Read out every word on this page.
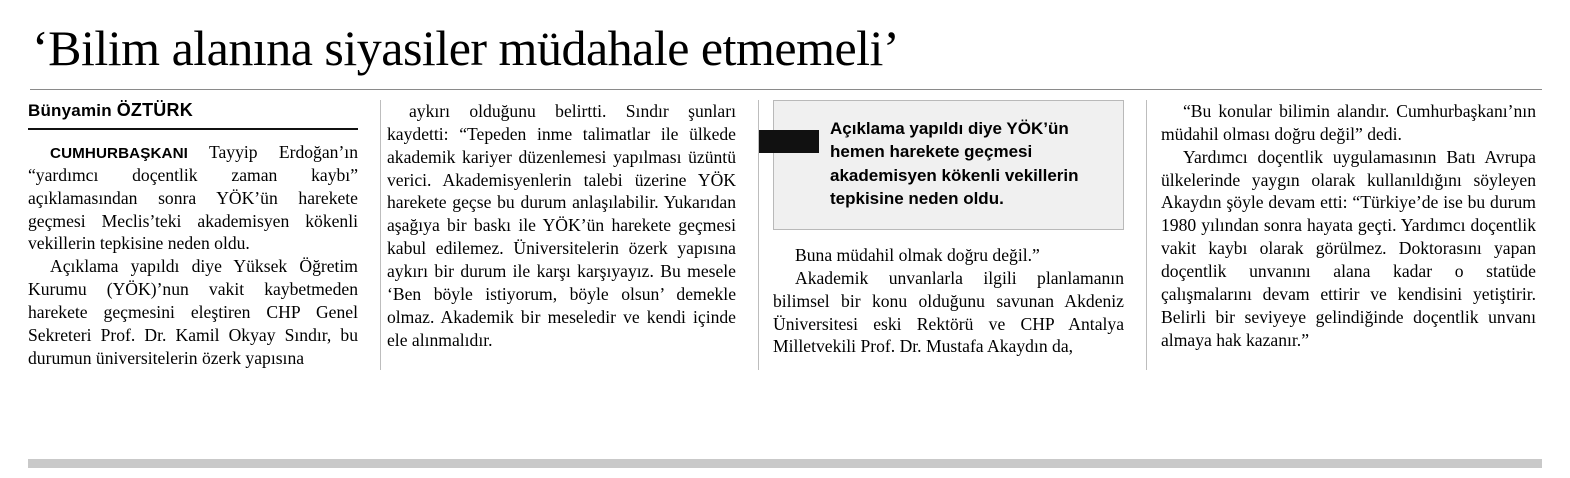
‘Bilim alanına siyasiler müdahale etmemeli’
Bünyamin ÖZTÜRK

CUMHURBAŞKANI Tayyip Erdoğan’ın “yardımcı doçentlik zaman kaybı” açıklamasından sonra YÖK’ün harekete geçmesi Meclis’teki akademisyen kökenli vekillerin tepkisine neden oldu.

Açıklama yapıldı diye Yüksek Öğretim Kurumu (YÖK)’nun vakit kaybetmeden harekete geçmesini eleştiren CHP Genel Sekreteri Prof. Dr. Kamil Okyay Sındır, bu durumun üniversitelerin özerk yapısına

aykırı olduğunu belirtti. Sındır şunları kaydetti: “Tepeden inme talimatlar ile ülkede akademik kariyer düzenlemesi yapılması üzüntü verici. Akademisyenlerin talebi üzerine YÖK harekete geçse bu durum anlaşılabilir. Yukarıdan aşağıya bir baskı ile YÖK’ün harekete geçmesi kabul edilemez. Üniversitelerin özerk yapısına aykırı bir durum ile karşı karşıyayız. Bu mesele ‘Ben böyle istiyorum, böyle olsun’ demekle olmaz. Akademik bir meseledir ve kendi içinde ele alınmalıdır.

Açıklama yapıldı diye YÖK’ün hemen harekete geçmesi akademisyen kökenli vekillerin tepkisine neden oldu.

Buna müdahil olmak doğru değil.”

Akademik unvanlarla ilgili planlamanın bilimsel bir konu olduğunu savunan Akdeniz Üniversitesi eski Rektörü ve CHP Antalya Milletvekili Prof. Dr. Mustafa Akaydın da,

“Bu konular bilimin alandır. Cumhurbaşkanı’nın müdahil olması doğru değil” dedi.

Yardımcı doçentlik uygulamasının Batı Avrupa ülkelerinde yaygın olarak kullanıldığını söyleyen Akaydın şöyle devam etti: “Türkiye’de ise bu durum 1980 yılından sonra hayata geçti. Yardımcı doçentlik vakit kaybı olarak görülmez. Doktorasını yapan doçentlik unvanını alana kadar o statüde çalışmalarını devam ettirir ve kendisini yetiştirir. Belirli bir seviyeye gelindiğinde doçentlik unvanı almaya hak kazanır.”
